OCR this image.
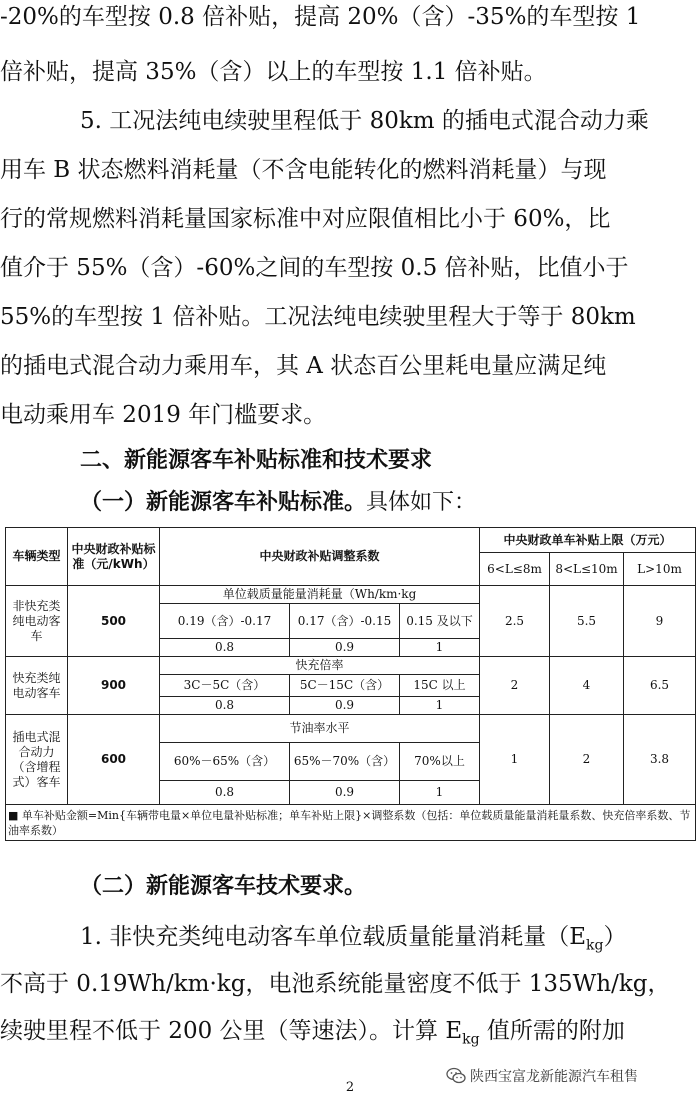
-20%的车型按 0.8 倍补贴，提高 20%（含）-35%的车型按 1
倍补贴，提高 35%（含）以上的车型按 1.1 倍补贴。
5. 工况法纯电续驶里程低于 80km 的插电式混合动力乘
用车 B 状态燃料消耗量（不含电能转化的燃料消耗量）与现
行的常规燃料消耗量国家标准中对应限值相比小于 60%，比
值介于 55%（含）-60%之间的车型按 0.5 倍补贴，比值小于
55%的车型按 1 倍补贴。工况法纯电续驶里程大于等于 80km
的插电式混合动力乘用车，其 A 状态百公里耗电量应满足纯
电动乘用车 2019 年门槛要求。
二、新能源客车补贴标准和技术要求
（一）新能源客车补贴标准。具体如下：
车辆类型	中央财政补贴标准（元/kWh）	中央财政补贴调整系数			中央财政单车补贴上限（万元）		
					6<L≤8m	8<L≤10m	L>10m
非快充类纯电动客车	500	单位载质量能量消耗量（Wh/km·kg			2.5	5.5	9
		0.19（含）-0.17	0.17（含）-0.15	0.15 及以下			
		0.8	0.9	1			
快充类纯电动客车	900	快充倍率			2	4	6.5
		3C－5C（含）	5C－15C（含）	15C 以上			
		0.8	0.9	1			
插电式混合动力（含增程式）客车	600	节油率水平			1	2	3.8
		60%－65%（含）	65%－70%（含）	70%以上			
		0.8	0.9	1			
■ 单车补贴金额=Min{车辆带电量×单位电量补贴标准；单车补贴上限}×调整系数（包括：单位载质量能量消耗量系数、快充倍率系数、节油率系数）							
（二）新能源客车技术要求。
1. 非快充类纯电动客车单位载质量能量消耗量$(E_{kg})$
不高于 0.19Wh/km·kg，电池系统能量密度不低于 135Wh/kg，
续驶里程不低于 200 公里（等速法）。计算 $E_{kg}$ 值所需的附加
陕西宝富龙新能源汽车租售
2
